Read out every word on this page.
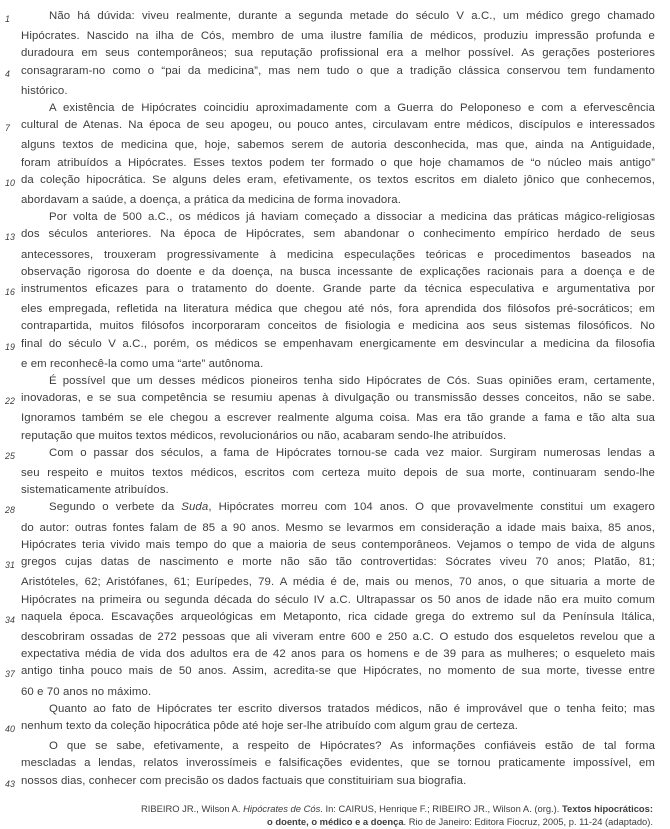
1	Não há dúvida: viveu realmente, durante a segunda metade do século V a.C., um médico grego chamado
Hipócrates. Nascido na ilha de Cós, membro de uma ilustre família de médicos, produziu impressão profunda e
duradoura em seus contemporâneos; sua reputação profissional era a melhor possível. As gerações posteriores
4 consagraram-no como o “pai da medicina”, mas nem tudo o que a tradição clássica conservou tem fundamento
histórico.
A existência de Hipócrates coincidiu aproximadamente com a Guerra do Peloponeso e com a efervescência
7 cultural de Atenas. Na época de seu apogeu, ou pouco antes, circulavam entre médicos, discípulos e interessados
alguns textos de medicina que, hoje, sabemos serem de autoria desconhecida, mas que, ainda na Antiguidade,
foram atribuídos a Hipócrates. Esses textos podem ter formado o que hoje chamamos de “o núcleo mais antigo”
10 da coleção hipocrática. Se alguns deles eram, efetivamente, os textos escritos em dialeto jônico que conhecemos,
abordavam a saúde, a doença, a prática da medicina de forma inovadora.
Por volta de 500 a.C., os médicos já haviam começado a dissociar a medicina das práticas mágico-religiosas
13 dos séculos anteriores. Na época de Hipócrates, sem abandonar o conhecimento empírico herdado de seus
antecessores, trouxeram progressivamente à medicina especulações teóricas e procedimentos baseados na
observação rigorosa do doente e da doença, na busca incessante de explicações racionais para a doença e de
16 instrumentos eficazes para o tratamento do doente. Grande parte da técnica especulativa e argumentativa por
eles empregada, refletida na literatura médica que chegou até nós, fora aprendida dos filósofos pré-socráticos; em
contrapartida, muitos filósofos incorporaram conceitos de fisiologia e medicina aos seus sistemas filosóficos. No
19 final do século V a.C., porém, os médicos se empenhavam energicamente em desvincular a medicina da filosofia
e em reconhecê-la como uma “arte” autônoma.
É possível que um desses médicos pioneiros tenha sido Hipócrates de Cós. Suas opiniões eram, certamente,
22 inovadoras, e se sua competência se resumiu apenas à divulgação ou transmissão desses conceitos, não se sabe.
Ignoramos também se ele chegou a escrever realmente alguma coisa. Mas era tão grande a fama e tão alta sua
reputação que muitos textos médicos, revolucionários ou não, acabaram sendo-lhe atribuídos.
25	Com o passar dos séculos, a fama de Hipócrates tornou-se cada vez maior. Surgiram numerosas lendas a
seu respeito e muitos textos médicos, escritos com certeza muito depois de sua morte, continuaram sendo-lhe
sistematicamente atribuídos.
28	Segundo o verbete da Suda, Hipócrates morreu com 104 anos. O que provavelmente constitui um exagero
do autor: outras fontes falam de 85 a 90 anos. Mesmo se levarmos em consideração a idade mais baixa, 85 anos,
Hipócrates teria vivido mais tempo do que a maioria de seus contemporâneos. Vejamos o tempo de vida de alguns
31 gregos cujas datas de nascimento e morte não são tão controvertidas: Sócrates viveu 70 anos; Platão, 81;
Aristóteles, 62; Aristófanes, 61; Eurípedes, 79. A média é de, mais ou menos, 70 anos, o que situaria a morte de
Hipócrates na primeira ou segunda década do século IV a.C. Ultrapassar os 50 anos de idade não era muito comum
34 naquela época. Escavações arqueológicas em Metaponto, rica cidade grega do extremo sul da Península Itálica,
descobriram ossadas de 272 pessoas que ali viveram entre 600 e 250 a.C. O estudo dos esqueletos revelou que a
expectativa média de vida dos adultos era de 42 anos para os homens e de 39 para as mulheres; o esqueleto mais
37 antigo tinha pouco mais de 50 anos. Assim, acredita-se que Hipócrates, no momento de sua morte, tivesse entre
60 e 70 anos no máximo.
Quanto ao fato de Hipócrates ter escrito diversos tratados médicos, não é improvável que o tenha feito; mas
40 nenhum texto da coleção hipocrática pôde até hoje ser-lhe atribuído com algum grau de certeza.
O que se sabe, efetivamente, a respeito de Hipócrates? As informações confiáveis estão de tal forma
mescladas a lendas, relatos inverossímeis e falsificações evidentes, que se tornou praticamente impossível, em
43 nossos dias, conhecer com precisão os dados factuais que constituiriam sua biografia.
RIBEIRO JR., Wilson A. Hipócrates de Cós. In: CAIRUS, Henrique F.; RIBEIRO JR., Wilson A. (org.). Textos hipocráticos:
o doente, o médico e a doença. Rio de Janeiro: Editora Fiocruz, 2005, p. 11-24 (adaptado).
